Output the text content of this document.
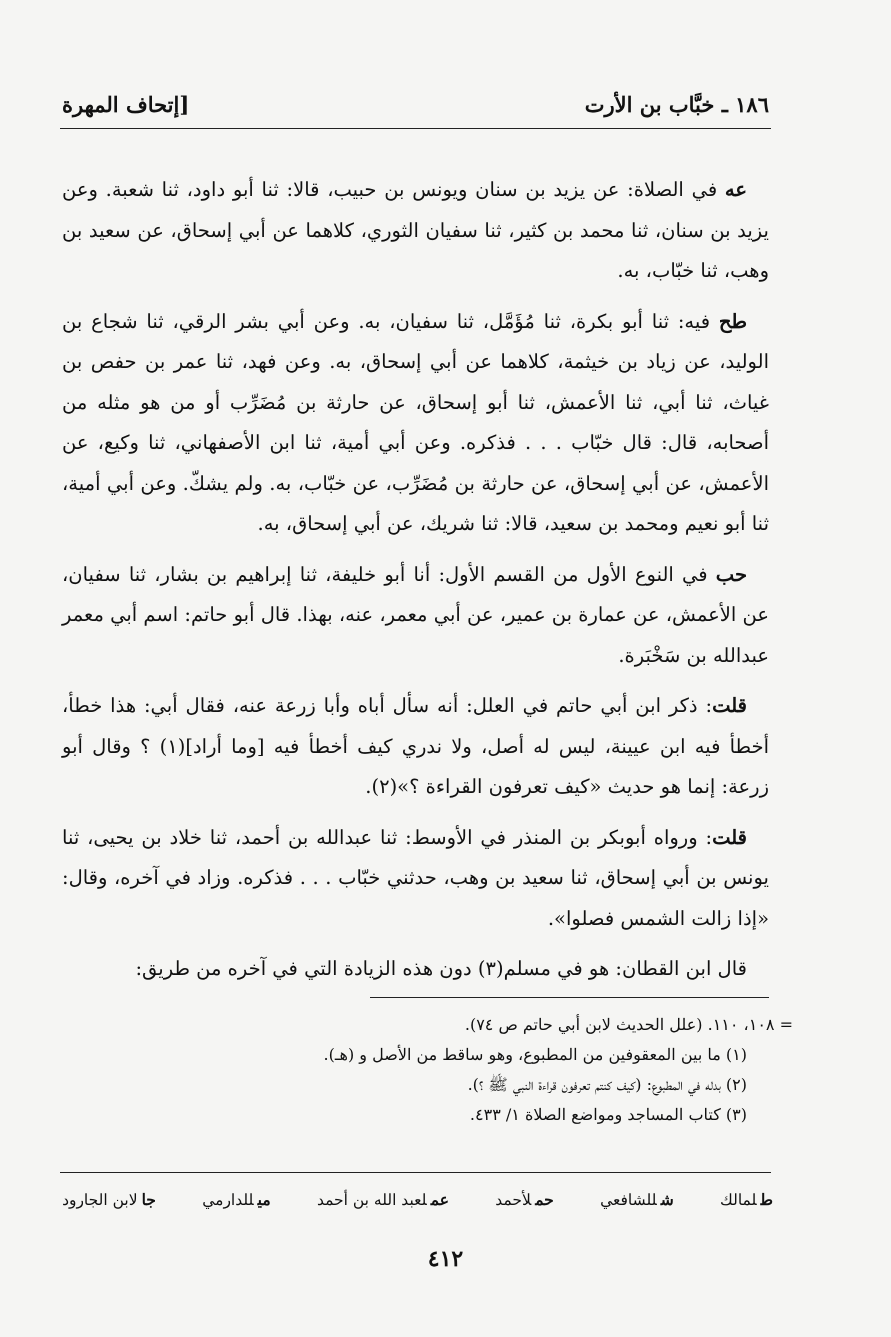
١٨٦ ـ خبَّاب بن الأرت
[إتحاف المهرة

عه في الصلاة: عن يزيد بن سنان ويونس بن حبيب، قالا: ثنا أبو داود، ثنا شعبة. وعن يزيد بن سنان، ثنا محمد بن كثير، ثنا سفيان الثوري، كلاهما عن أبي إسحاق، عن سعيد بن وهب، ثنا خبّاب، به.

طح فيه: ثنا أبو بكرة، ثنا مُؤَمَّل، ثنا سفيان، به. وعن أبي بشر الرقي، ثنا شجاع بن الوليد، عن زياد بن خيثمة، كلاهما عن أبي إسحاق، به. وعن فهد، ثنا عمر بن حفص بن غياث، ثنا أبي، ثنا الأعمش، ثنا أبو إسحاق، عن حارثة بن مُضَرِّب أو من هو مثله من أصحابه، قال: قال خبّاب . . . فذكره. وعن أبي أمية، ثنا ابن الأصفهاني، ثنا وكيع، عن الأعمش، عن أبي إسحاق، عن حارثة بن مُضَرِّب، عن خبّاب، به. ولم يشكّ. وعن أبي أمية، ثنا أبو نعيم ومحمد بن سعيد، قالا: ثنا شريك، عن أبي إسحاق، به.

حب في النوع الأول من القسم الأول: أنا أبو خليفة، ثنا إبراهيم بن بشار، ثنا سفيان، عن الأعمش، عن عمارة بن عمير، عن أبي معمر، عنه، بهذا. قال أبو حاتم: اسم أبي معمر عبدالله بن سَخْبَرة.

قلت: ذكر ابن أبي حاتم في العلل: أنه سأل أباه وأبا زرعة عنه، فقال أبي: هذا خطأ، أخطأ فيه ابن عيينة، ليس له أصل، ولا ندري كيف أخطأ فيه [وما أراد](١) ؟ وقال أبو زرعة: إنما هو حديث «كيف تعرفون القراءة ؟»(٢).

قلت: ورواه أبوبكر بن المنذر في الأوسط: ثنا عبدالله بن أحمد، ثنا خلاد بن يحيى، ثنا يونس بن أبي إسحاق، ثنا سعيد بن وهب، حدثني خبّاب . . . فذكره. وزاد في آخره، وقال: «إذا زالت الشمس فصلوا».

قال ابن القطان: هو في مسلم(٣) دون هذه الزيادة التي في آخره من طريق:

= ١٠٨، ١١٠. (علل الحديث لابن أبي حاتم ص ٧٤).

(١) ما بين المعقوفين من المطبوع، وهو ساقط من الأصل و (هـ).

(٢) بدله في المطبوع: (كيف كنتم تعرفون قراءة النبي ﷺ ؟).

(٣) كتاب المساجد ومواضع الصلاة ١/ ٤٣٣.

طلمالك
شللشافعي
حملأحمد
عملعبد الله بن أحمد
ميللدارمي
جالابن الجارود
٤١٢
